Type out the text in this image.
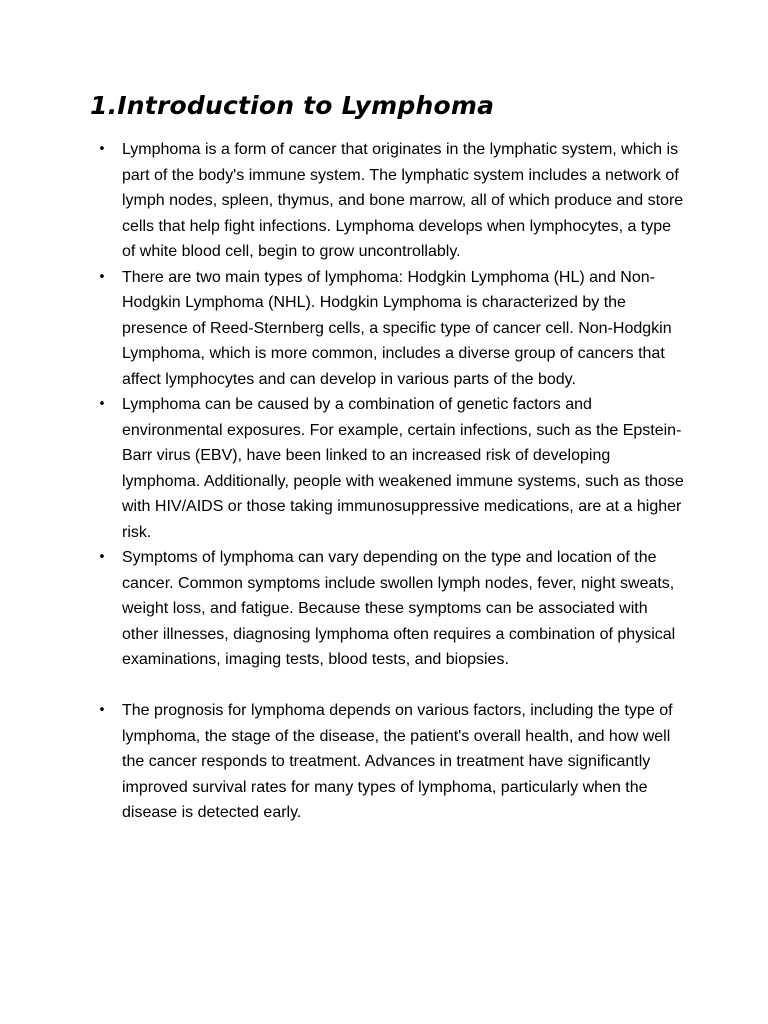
1.Introduction to Lymphoma
• Lymphoma is a form of cancer that originates in the lymphatic system, which is part of the body's immune system. The lymphatic system includes a network of lymph nodes, spleen, thymus, and bone marrow, all of which produce and store cells that help fight infections. Lymphoma develops when lymphocytes, a type of white blood cell, begin to grow uncontrollably.
• There are two main types of lymphoma: Hodgkin Lymphoma (HL) and Non-Hodgkin Lymphoma (NHL). Hodgkin Lymphoma is characterized by the presence of Reed-Sternberg cells, a specific type of cancer cell. Non-Hodgkin Lymphoma, which is more common, includes a diverse group of cancers that affect lymphocytes and can develop in various parts of the body.
• Lymphoma can be caused by a combination of genetic factors and environmental exposures. For example, certain infections, such as the Epstein-Barr virus (EBV), have been linked to an increased risk of developing lymphoma. Additionally, people with weakened immune systems, such as those with HIV/AIDS or those taking immunosuppressive medications, are at a higher risk.
• Symptoms of lymphoma can vary depending on the type and location of the cancer. Common symptoms include swollen lymph nodes, fever, night sweats, weight loss, and fatigue. Because these symptoms can be associated with other illnesses, diagnosing lymphoma often requires a combination of physical examinations, imaging tests, blood tests, and biopsies.
• The prognosis for lymphoma depends on various factors, including the type of lymphoma, the stage of the disease, the patient's overall health, and how well the cancer responds to treatment. Advances in treatment have significantly improved survival rates for many types of lymphoma, particularly when the disease is detected early.
